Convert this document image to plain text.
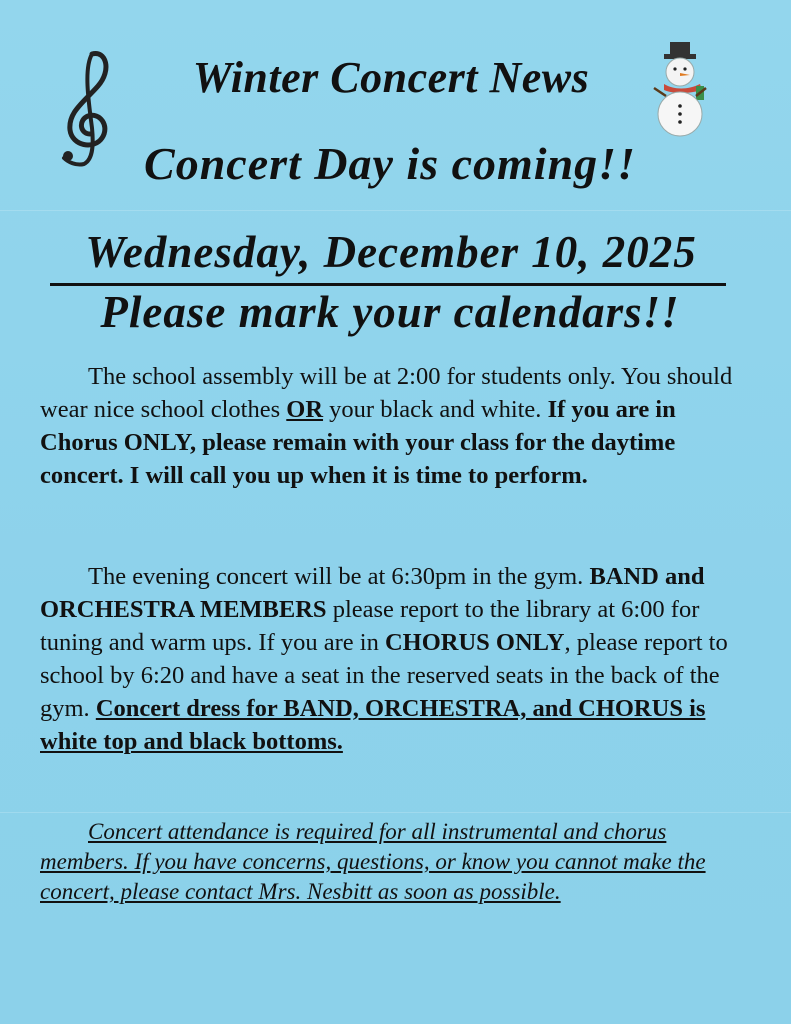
Winter Concert News
Concert Day is coming!!
Wednesday, December 10, 2025
Please mark your calendars!!

The school assembly will be at 2:00 for students only. You should wear nice school clothes OR your black and white. If you are in Chorus ONLY, please remain with your class for the daytime concert. I will call you up when it is time to perform.

The evening concert will be at 6:30pm in the gym. BAND and ORCHESTRA MEMBERS please report to the library at 6:00 for tuning and warm ups. If you are in CHORUS ONLY, please report to school by 6:20 and have a seat in the reserved seats in the back of the gym. Concert dress for BAND, ORCHESTRA, and CHORUS is white top and black bottoms.

Concert attendance is required for all instrumental and chorus members. If you have concerns, questions, or know you cannot make the concert, please contact Mrs. Nesbitt as soon as possible.
